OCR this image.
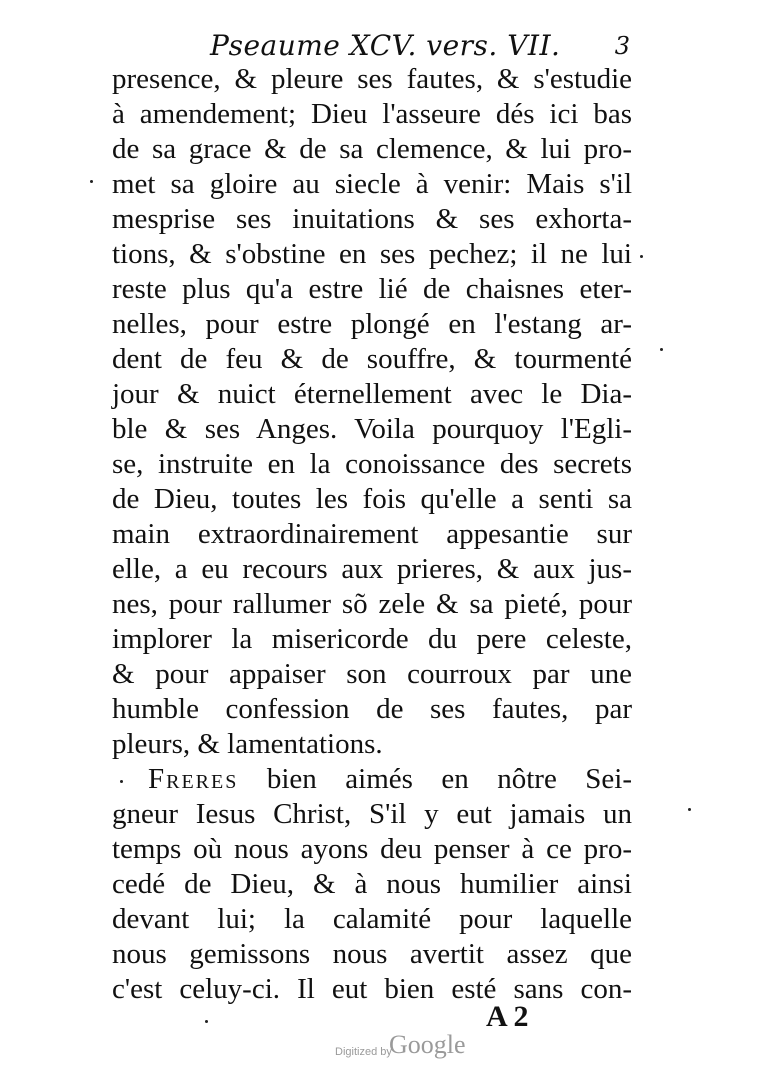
Pseaume XCV. vers. VII. 3
presence, & pleure ses fautes, & s'estudie
à amendement; Dieu l'asseure dés ici bas
de sa grace & de sa clemence, & lui pro-
met sa gloire au siecle à venir: Mais s'il
mesprise ses inuitations & ses exhorta-
tions, & s'obstine en ses pechez; il ne lui
reste plus qu'a estre lié de chaisnes eter-
nelles, pour estre plongé en l'estang ar-
dent de feu & de souffre, & tourmenté
jour & nuict éternellement avec le Dia-
ble & ses Anges. Voila pourquoy l'Egli-
se, instruite en la conoissance des secrets
de Dieu, toutes les fois qu'elle a senti sa
main extraordinairement appesantie sur
elle, a eu recours aux prieres, & aux jus-
nes, pour rallumer sõ zele & sa pieté, pour
implorer la misericorde du pere celeste,
& pour appaiser son courroux par une
humble confession de ses fautes, par
pleurs, & lamentations.
Freres bien aimés en nôtre Sei-
gneur Iesus Christ, S'il y eut jamais un
temps où nous ayons deu penser à ce pro-
cedé de Dieu, & à nous humilier ainsi
devant lui; la calamité pour laquelle
nous gemissons nous avertit assez que
c'est celuy-ci. Il eut bien esté sans con-
A 2
Digitized by
Google
